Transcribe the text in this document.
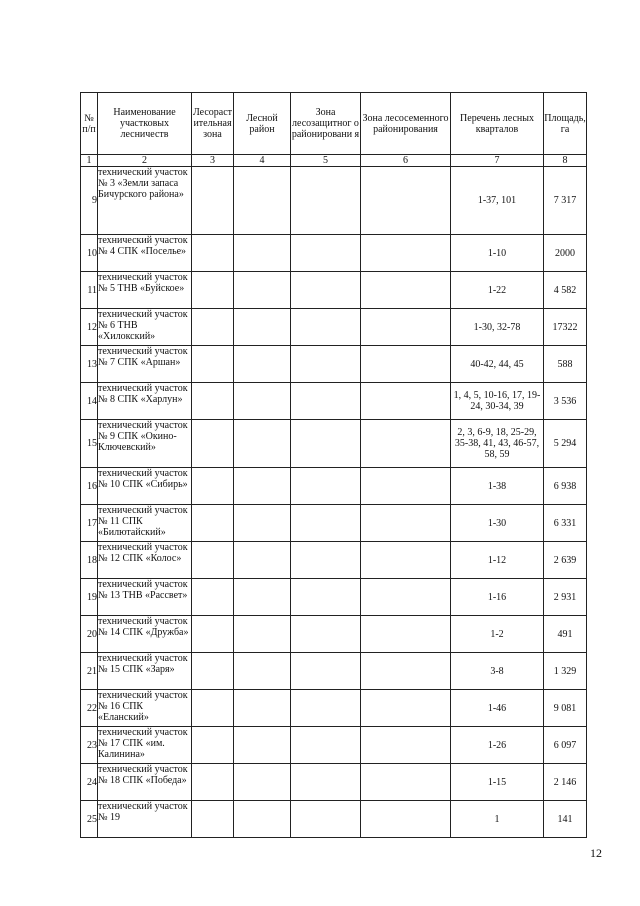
№ п/п	Наименование участковых лесничеств	Лесораст ительная зона	Лесной район	Зона лесозащитног о районировани я	Зона лесосеменного районирования	Перечень лесных кварталов	Площадь, га
1	2	3	4	5	6	7	8
9	технический участок № 3 «Земли запаса Бичурского района»					1-37, 101	7 317
10	технический участок № 4 СПК «Поселье»					1-10	2000
11	технический участок № 5 ТНВ «Буйское»					1-22	4 582
12	технический участок № 6 ТНВ «Хилокский»					1-30, 32-78	17322
13	технический участок № 7 СПК «Аршан»					40-42, 44, 45	588
14	технический участок № 8 СПК «Харлун»					1, 4, 5, 10-16, 17, 19-24, 30-34, 39	3 536
15	технический участок № 9 СПК «Окино-Ключевский»					2, 3, 6-9, 18, 25-29, 35-38, 41, 43, 46-57, 58, 59	5 294
16	технический участок № 10 СПК «Сибирь»					1-38	6 938
17	технический участок № 11 СПК «Билютайский»					1-30	6 331
18	технический участок № 12 СПК «Колос»					1-12	2 639
19	технический участок № 13 ТНВ «Рассвет»					1-16	2 931
20	технический участок № 14 СПК «Дружба»					1-2	491
21	технический участок № 15 СПК «Заря»					3-8	1 329
22	технический участок № 16 СПК «Еланский»					1-46	9 081
23	технический участок № 17 СПК «им. Калинина»					1-26	6 097
24	технический участок № 18 СПК «Победа»					1-15	2 146
25	технический участок № 19					1	141
12
